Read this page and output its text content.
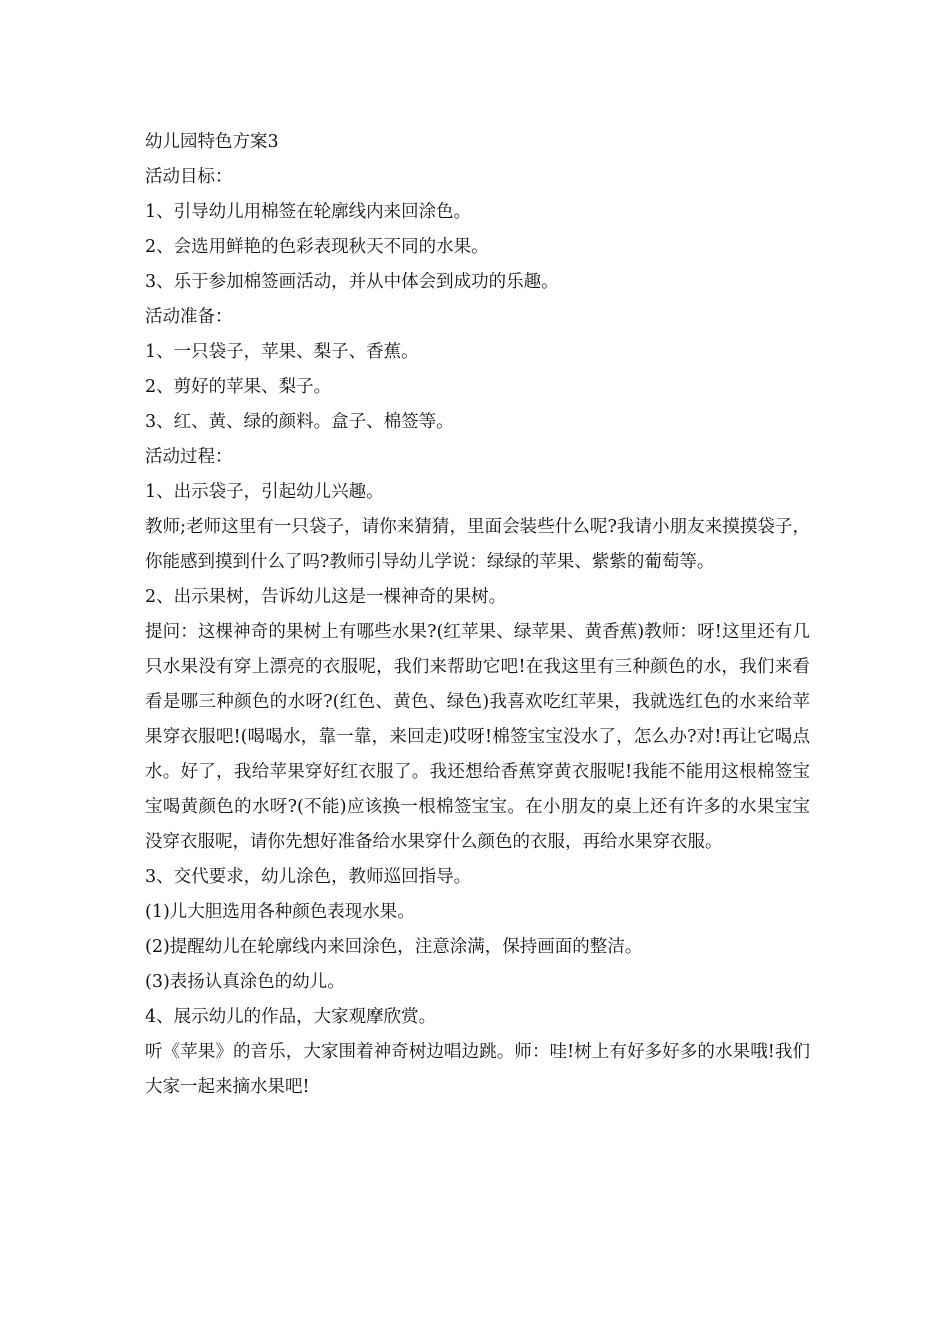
幼儿园特色方案3

活动目标：

1、引导幼儿用棉签在轮廓线内来回涂色。

2、会选用鲜艳的色彩表现秋天不同的水果。

3、乐于参加棉签画活动，并从中体会到成功的乐趣。

活动准备：

1、一只袋子，苹果、梨子、香蕉。

2、剪好的苹果、梨子。

3、红、黄、绿的颜料。盒子、棉签等。

活动过程：

1、出示袋子，引起幼儿兴趣。

教师;老师这里有一只袋子，请你来猜猜，里面会装些什么呢?我请小朋友来摸摸袋子，你能感到摸到什么了吗?教师引导幼儿学说：绿绿的苹果、紫紫的葡萄等。

2、出示果树，告诉幼儿这是一棵神奇的果树。

提问：这棵神奇的果树上有哪些水果?(红苹果、绿苹果、黄香蕉)教师：呀!这里还有几只水果没有穿上漂亮的衣服呢，我们来帮助它吧!在我这里有三种颜色的水，我们来看看是哪三种颜色的水呀?(红色、黄色、绿色)我喜欢吃红苹果，我就选红色的水来给苹果穿衣服吧!(喝喝水，靠一靠，来回走)哎呀!棉签宝宝没水了，怎么办?对!再让它喝点水。好了，我给苹果穿好红衣服了。我还想给香蕉穿黄衣服呢!我能不能用这根棉签宝宝喝黄颜色的水呀?(不能)应该换一根棉签宝宝。在小朋友的桌上还有许多的水果宝宝没穿衣服呢，请你先想好准备给水果穿什么颜色的衣服，再给水果穿衣服。

3、交代要求，幼儿涂色，教师巡回指导。

(1)儿大胆选用各种颜色表现水果。

(2)提醒幼儿在轮廓线内来回涂色，注意涂满，保持画面的整洁。

(3)表扬认真涂色的幼儿。

4、展示幼儿的作品，大家观摩欣赏。

听《苹果》的音乐，大家围着神奇树边唱边跳。师：哇!树上有好多好多的水果哦!我们大家一起来摘水果吧!
